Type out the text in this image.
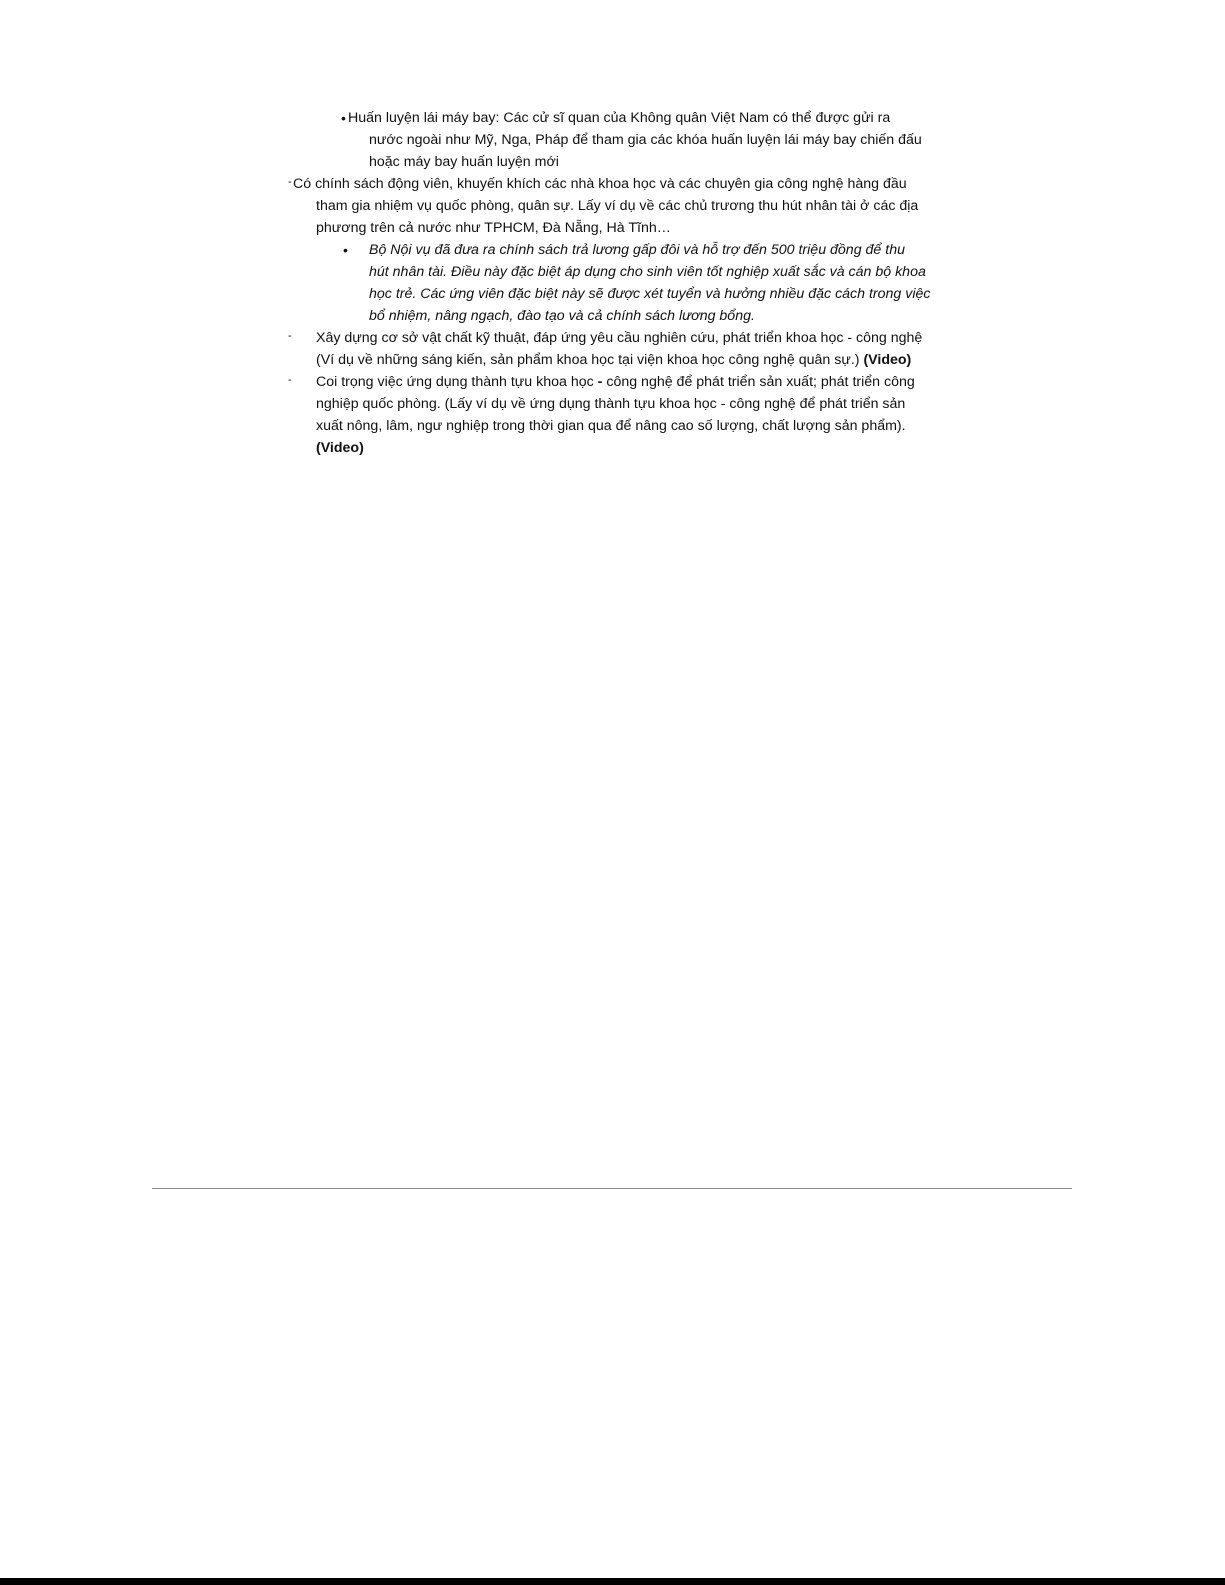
• Huấn luyện lái máy bay: Các cử sĩ quan của Không quân Việt Nam có thể được gửi ra

nước ngoài như Mỹ, Nga, Pháp để tham gia các khóa huấn luyện lái máy bay chiến đấu

hoặc máy bay huấn luyện mới

- Có chính sách động viên, khuyến khích các nhà khoa học và các chuyên gia công nghệ hàng đầu

tham gia nhiệm vụ quốc phòng, quân sự. Lấy ví dụ về các chủ trương thu hút nhân tài ở các địa

phương trên cả nước như TPHCM, Đà Nẵng, Hà Tĩnh…

• Bộ Nội vụ đã đưa ra chính sách trả lương gấp đôi và hỗ trợ đến 500 triệu đồng để thu

hút nhân tài. Điều này đặc biệt áp dụng cho sinh viên tốt nghiệp xuất sắc và cán bộ khoa

học trẻ. Các ứng viên đặc biệt này sẽ được xét tuyển và hưởng nhiều đặc cách trong việc

bổ nhiệm, nâng ngạch, đào tạo và cả chính sách lương bổng.

- Xây dựng cơ sở vật chất kỹ thuật, đáp ứng yêu cầu nghiên cứu, phát triển khoa học - công nghệ

(Ví dụ về những sáng kiến, sản phẩm khoa học tại viện khoa học công nghệ quân sự.) (Video)

- Coi trọng việc ứng dụng thành tựu khoa học - công nghệ để phát triển sản xuất; phát triển công

nghiệp quốc phòng. (Lấy ví dụ về ứng dụng thành tựu khoa học - công nghệ để phát triển sản

xuất nông, lâm, ngư nghiệp trong thời gian qua để nâng cao số lượng, chất lượng sản phẩm).

(Video)
